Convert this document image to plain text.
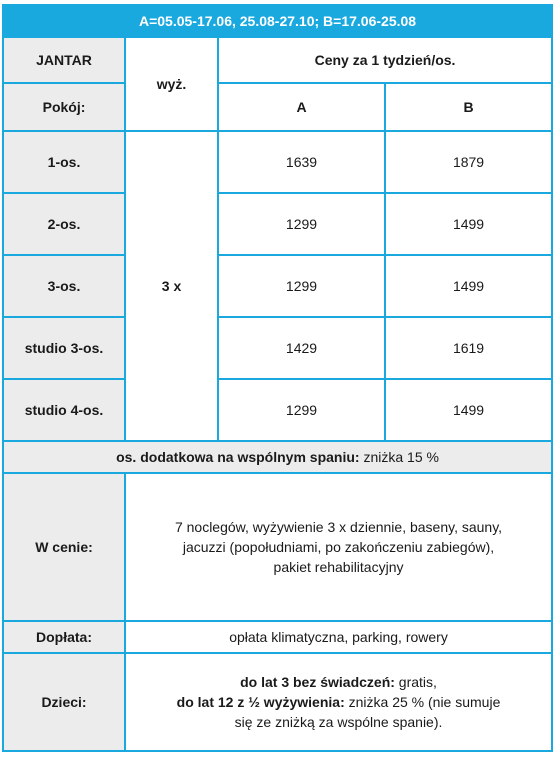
A=05.05-17.06, 25.08-27.10; B=17.06-25.08			
JANTAR	wyż.	Ceny za 1 tydzień/os.	
Pokój:		A	B
1-os.	3 x	1639	1879
2-os.		1299	1499
3-os.		1299	1499
studio 3-os.		1429	1619
studio 4-os.		1299	1499
os. dodatkowa na wspólnym spaniu: zniżka 15 %			
W cenie:	7 noclegów, wyżywienie 3 x dziennie, baseny, sauny,
jacuzzi (popołudniami, po zakończeniu zabiegów),
pakiet rehabilitacyjny		

Dopłata:	opłata klimatyczna, parking, rowery		
Dzieci:	do lat 3 bez świadczeń: gratis,
do lat 12 z ½ wyżywienia: zniżka 25 % (nie sumuje
się ze zniżką za wspólne spanie).		
